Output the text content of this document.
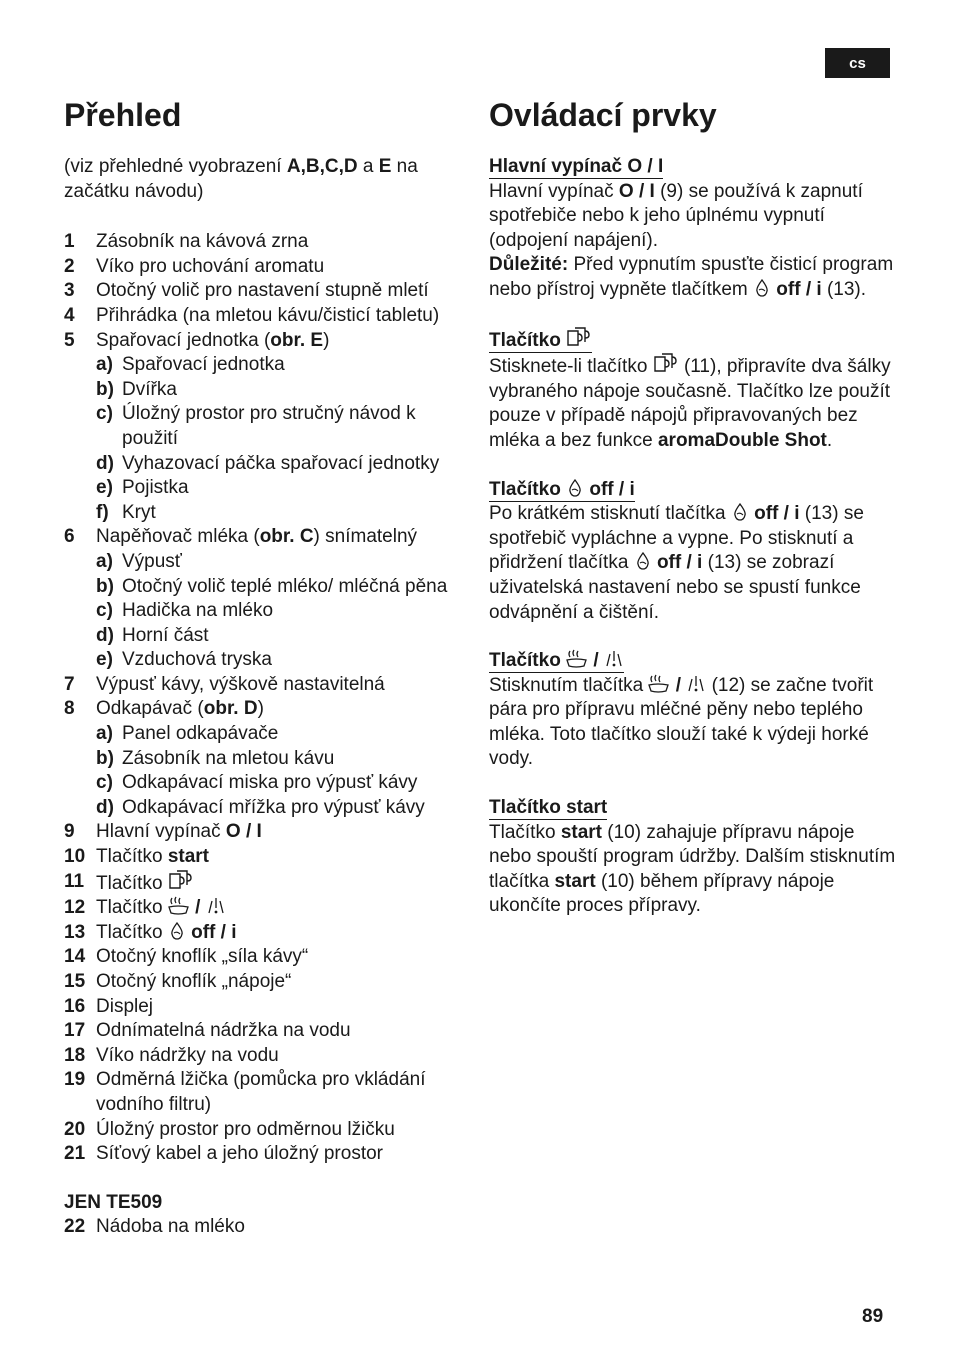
cs
Přehled

(viz přehledné vyobrazení A,B,C,D a E na začátku návodu)

1	Zásobník na kávová zrna
2	Víko pro uchování aromatu
3	Otočný volič pro nastavení stupně mletí
4	Přihrádka (na mletou kávu/čisticí tabletu)
5	Spařovací jednotka (obr. E)
a) Spařovací jednotka
b) Dvířka
c) Úložný prostor pro stručný návod k použití
d) Vyhazovací páčka spařovací jednotky
e) Pojistka
f) Kryt
6	Napěňovač mléka (obr. C) snímatelný
a) Výpusť
b) Otočný volič teplé mléko/ mléčná pěna
c) Hadička na mléko
d) Horní část
e) Vzduchová tryska
7	Výpusť kávy, výškově nastavitelná
8	Odkapávač (obr. D)
a) Panel odkapávače
b) Zásobník na mletou kávu
c) Odkapávací miska pro výpusť kávy
d) Odkapávací mřížka pro výpusť kávy
9	Hlavní vypínač O / I
10 Tlačítko start
11 Tlačítko
12 Tlačítko  /
13 Tlačítko  off / i
14 Otočný knoflík „síla kávy“
15 Otočný knoflík „nápoje“
16 Displej
17 Odnímatelná nádržka na vodu
18 Víko nádržky na vodu
19 Odměrná lžička (pomůcka pro vkládání vodního filtru)
20 Úložný prostor pro odměrnou lžičku
21 Síťový kabel a jeho úložný prostor
JEN TE509
22 Nádoba na mléko
Ovládací prvky
Hlavní vypínač O / I

Hlavní vypínač O / I (9) se používá k zapnutí spotřebiče nebo k jeho úplnému vypnutí (odpojení napájení).
Důležité: Před vypnutím spusťte čisticí program nebo přístroj vypněte tlačítkem  off / i (13).

Tlačítko

Stisknete-li tlačítko  (11), připravíte dva šálky vybraného nápoje současně. Tlačítko lze použít pouze v případě nápojů připravovaných bez mléka a bez funkce aromaDouble Shot.

Tlačítko  off / i

Po krátkém stisknutí tlačítka  off / i (13) se spotřebič vypláchne a vypne. Po stisknutí a přidržení tlačítka  off / i (13) se zobrazí uživatelská nastavení nebo se spustí funkce odvápnění a čištění.

Tlačítko  /

Stisknutím tlačítka  /  (12) se začne tvořit pára pro přípravu mléčné pěny nebo teplého mléka. Toto tlačítko slouží také k výdeji horké vody.

Tlačítko start

Tlačítko start (10) zahajuje přípravu nápoje nebo spouští program údržby. Dalším stisknutím tlačítka start (10) během přípravy nápoje ukončíte proces přípravy.

89
